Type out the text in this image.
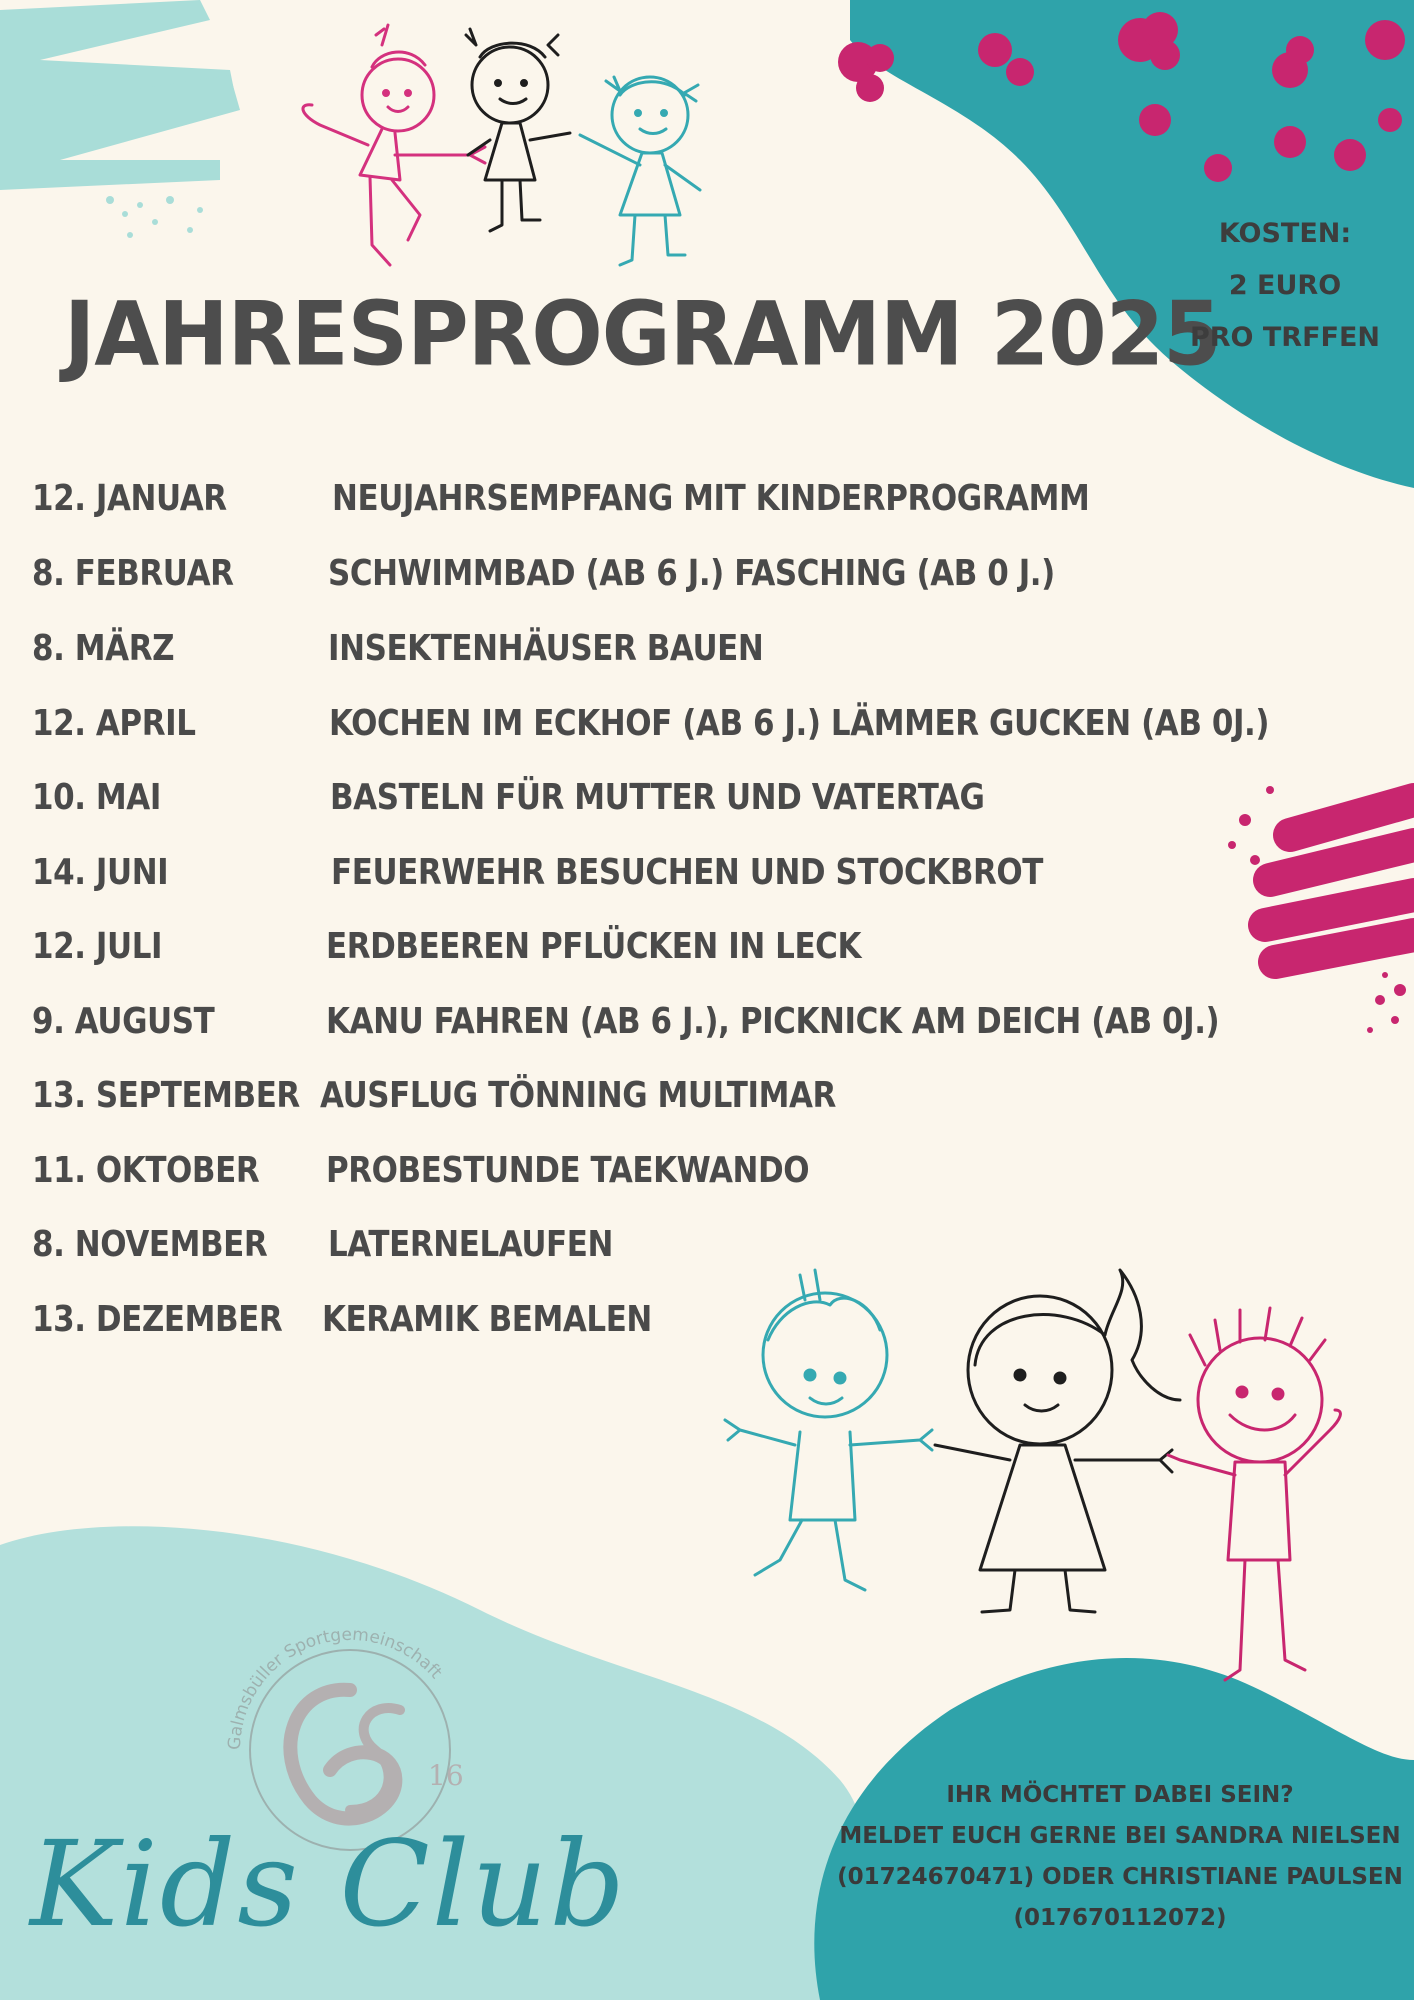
JAHRESPROGRAMM 2025
KOSTEN:
2 EURO
PRO TRFFEN
12. JANUAR	NEUJAHRSEMPFANG MIT KINDERPROGRAMM
8. FEBRUAR	SCHWIMMBAD (AB 6 J.) FASCHING (AB 0 J.)
8. MÄRZ	INSEKTENHÄUSER BAUEN
12. APRIL	KOCHEN IM ECKHOF (AB 6 J.) LÄMMER GUCKEN (AB 0J.)
10. MAI	BASTELN FÜR MUTTER UND VATERTAG
14. JUNI	FEUERWEHR BESUCHEN UND STOCKBROT
12. JULI	ERDBEEREN PFLÜCKEN IN LECK
9. AUGUST	KANU FAHREN (AB 6 J.), PICKNICK AM DEICH (AB 0J.)
13. SEPTEMBER AUSFLUG TÖNNING MULTIMAR
11. OKTOBER PROBESTUNDE TAEKWANDO
8. NOVEMBER LATERNELAUFEN
13. DEZEMBER KERAMIK BEMALEN
Galmsbüller Sportgemeinschaft
16
Kids Club
IHR MÖCHTET DABEI SEIN?
MELDET EUCH GERNE BEI SANDRA NIELSEN
(01724670471) ODER CHRISTIANE PAULSEN
(017670112072)
